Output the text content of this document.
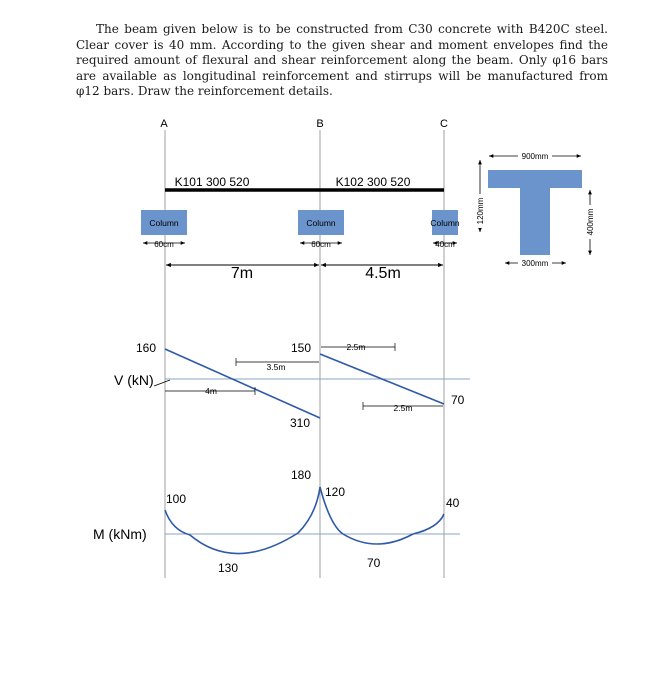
The beam given below is to be constructed from C30 concrete with B420C steel. Clear cover is 40 mm. According to the given shear and moment envelopes find the required amount of flexural and shear reinforcement along the beam. Only φ16 bars are available as longitudinal reinforcement and stirrups will be manufactured from φ12 bars. Draw the reinforcement details.
A	B	C
K101 300 520	K102 300 520
Column	Column	Column
60cm	60cm	40cm
7m	4.5m
900mm
300mm
120mm	400mm
V (kN)
160	150
310
70
4m
3.5m
2.5m
2.5m
M (kNm)
100
130
180
120
70
40
